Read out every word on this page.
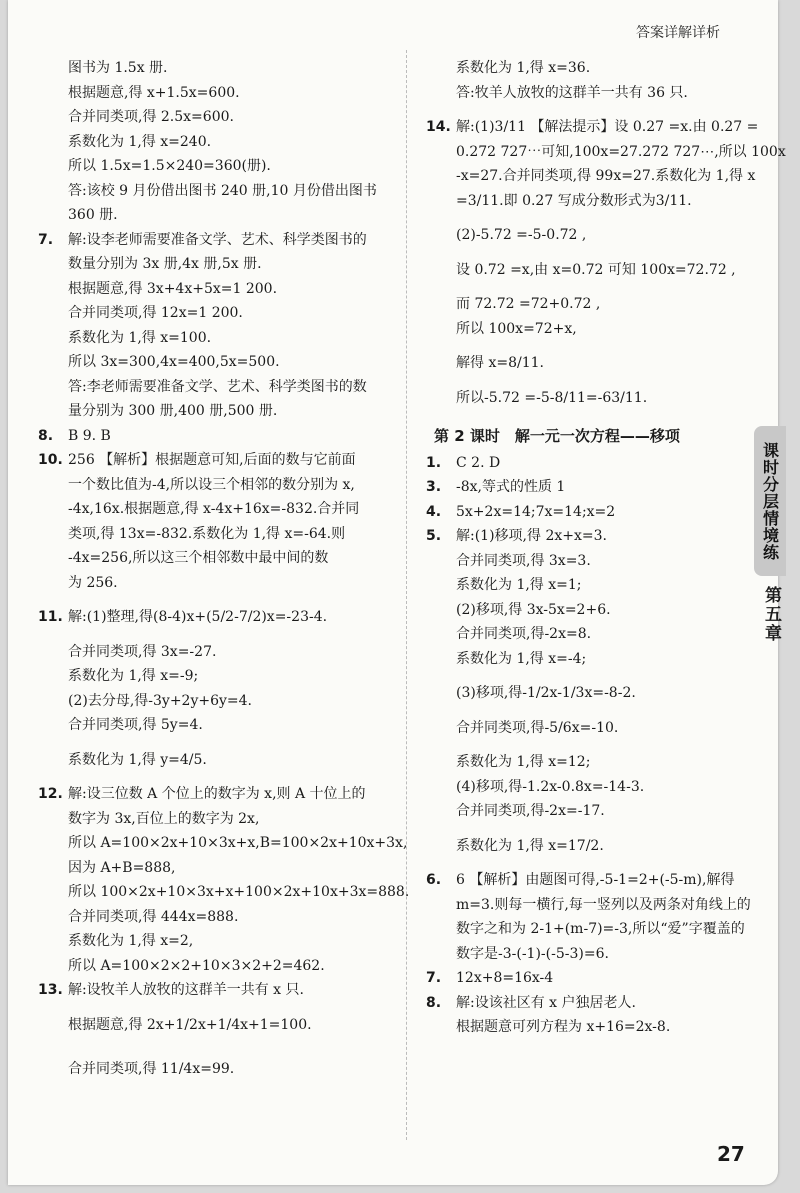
答案详解详析
图书为 1.5x 册.
根据题意,得 x+1.5x=600.
合并同类项,得 2.5x=600.
系数化为 1,得 x=240.
所以 1.5x=1.5×240=360(册).
答:该校 9 月份借出图书 240 册,10 月份借出图书
360 册.
7. 解:设李老师需要准备文学、艺术、科学类图书的
数量分别为 3x 册,4x 册,5x 册.
根据题意,得 3x+4x+5x=1 200.
合并同类项,得 12x=1 200.
系数化为 1,得 x=100.
所以 3x=300,4x=400,5x=500.
答:李老师需要准备文学、艺术、科学类图书的数
量分别为 300 册,400 册,500 册.
8. B 9. B
10. 256 【解析】根据题意可知,后面的数与它前面
一个数比值为-4,所以设三个相邻的数分别为 x,
-4x,16x.根据题意,得 x-4x+16x=-832.合并同
类项,得 13x=-832.系数化为 1,得 x=-64.则
-4x=256,所以这三个相邻数中最中间的数
为 256.
11. 解:(1)整理,得(8-4)x+(5/2-7/2)x=-23-4.
合并同类项,得 3x=-27.
系数化为 1,得 x=-9;
(2)去分母,得-3y+2y+6y=4.
合并同类项,得 5y=4.
系数化为 1,得 y=4/5.
12. 解:设三位数 A 个位上的数字为 x,则 A 十位上的
数字为 3x,百位上的数字为 2x,
所以 A=100×2x+10×3x+x,B=100×2x+10x+3x,
因为 A+B=888,
所以 100×2x+10×3x+x+100×2x+10x+3x=888.
合并同类项,得 444x=888.
系数化为 1,得 x=2,
所以 A=100×2×2+10×3×2+2=462.
13. 解:设牧羊人放牧的这群羊一共有 x 只.
根据题意,得 2x+1/2x+1/4x+1=100.
合并同类项,得 11/4x=99.
系数化为 1,得 x=36.
答:牧羊人放牧的这群羊一共有 36 只.
14. 解:(1)3/11 【解法提示】设 0.27 =x.由 0.27 =
0.272 727⋯可知,100x=27.272 727⋯,所以 100x
-x=27.合并同类项,得 99x=27.系数化为 1,得 x
=3/11.即 0.27 写成分数形式为3/11.
(2)-5.72 =-5-0.72 ,
设 0.72 =x,由 x=0.72 可知 100x=72.72 ,
而 72.72 =72+0.72 ,
所以 100x=72+x,
解得 x=8/11.
所以-5.72 =-5-8/11=-63/11.
第 2 课时　解一元一次方程——移项
1. C 2. D
3. -8x,等式的性质 1
4. 5x+2x=14;7x=14;x=2
5. 解:(1)移项,得 2x+x=3.
合并同类项,得 3x=3.
系数化为 1,得 x=1;
(2)移项,得 3x-5x=2+6.
合并同类项,得-2x=8.
系数化为 1,得 x=-4;
(3)移项,得-1/2x-1/3x=-8-2.
合并同类项,得-5/6x=-10.
系数化为 1,得 x=12;
(4)移项,得-1.2x-0.8x=-14-3.
合并同类项,得-2x=-17.
系数化为 1,得 x=17/2.
6. 6 【解析】由题图可得,-5-1=2+(-5-m),解得
m=3.则每一横行,每一竖列以及两条对角线上的
数字之和为 2-1+(m-7)=-3,所以“爱”字覆盖的
数字是-3-(-1)-(-5-3)=6.
7. 12x+8=16x-4
8. 解:设该社区有 x 户独居老人.
根据题意可列方程为 x+16=2x-8.
课时分层情境练
第五章
27
